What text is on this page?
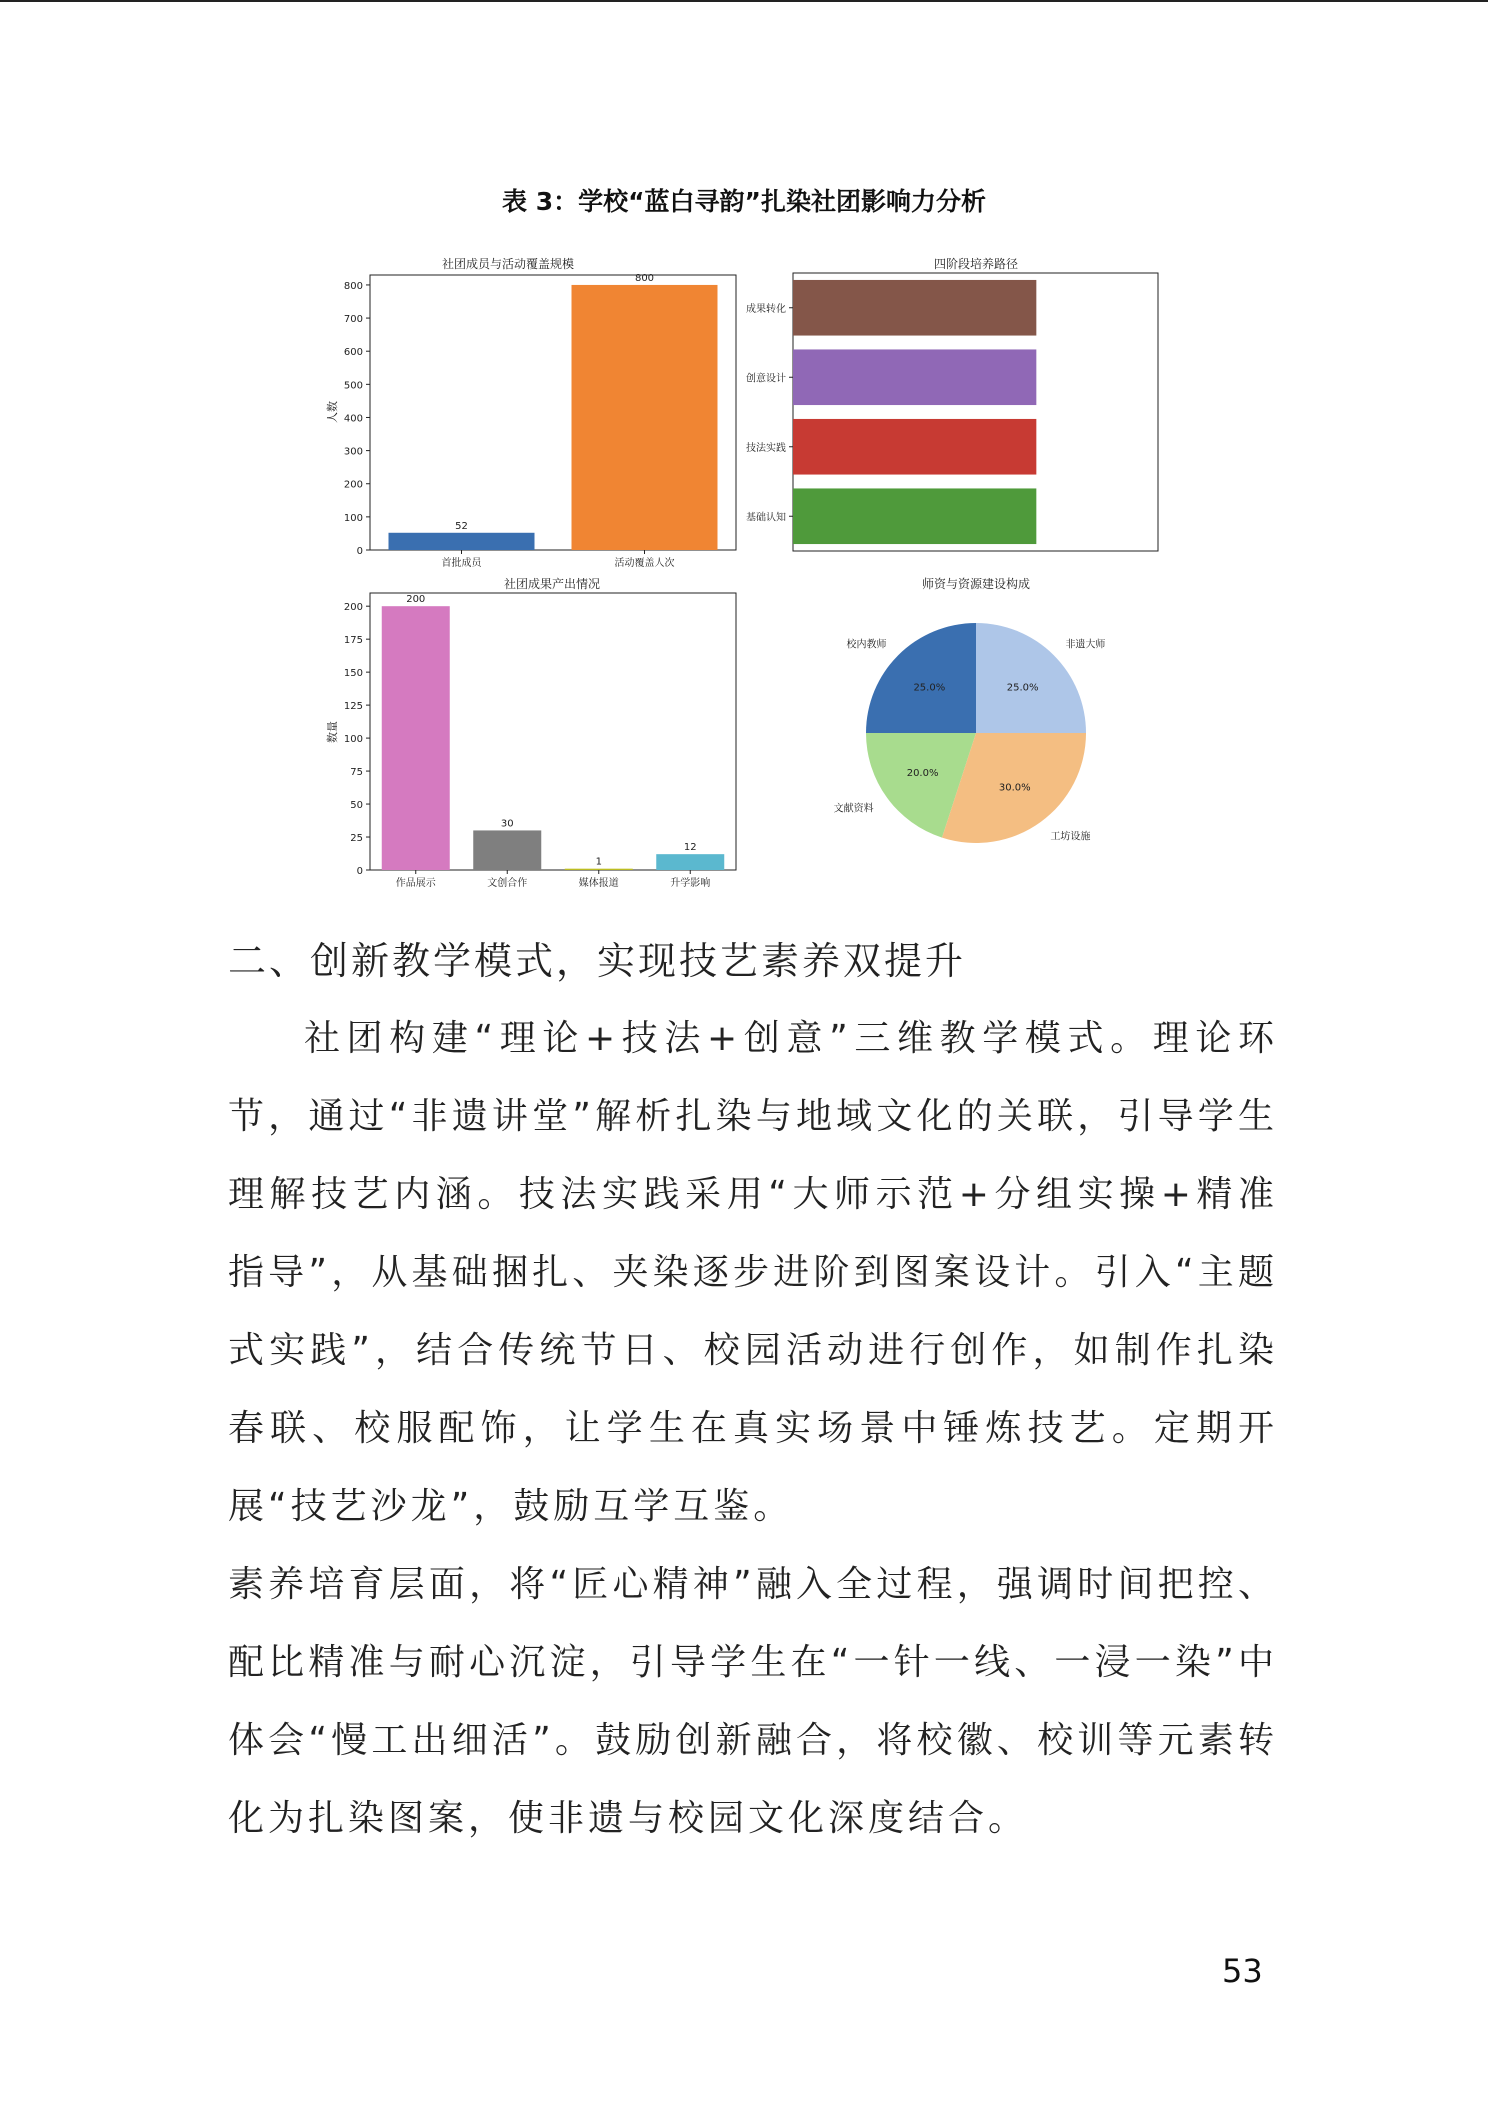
表 3：学校“蓝白寻韵”扎染社团影响力分析
社团成员与活动覆盖规模
人数
0
100
200
300
400
500
600
700
800
52
首批成员
800
活动覆盖人次
四阶段培养路径
基础认知
技法实践
创意设计
成果转化
社团成果产出情况
数量
0
25
50
75
100
125
150
175
200
200
作品展示
30
文创合作
1
媒体报道
12
升学影响
师资与资源建设构成
25.0%
校内教师
20.0%
文献资料
30.0%
工坊设施
25.0%
非遗大师
二、创新教学模式，实现技艺素养双提升

社团构建“理论+技法+创意”三维教学模式。理论环节，通过“非遗讲堂”解析扎染与地域文化的关联，引导学生理解技艺内涵。技法实践采用“大师示范+分组实操+精准指导”，从基础捆扎、夹染逐步进阶到图案设计。引入“主题式实践”，结合传统节日、校园活动进行创作，如制作扎染春联、校服配饰，让学生在真实场景中锤炼技艺。定期开展“技艺沙龙”，鼓励互学互鉴。

素养培育层面，将“匠心精神”融入全过程，强调时间把控、配比精准与耐心沉淀，引导学生在“一针一线、一浸一染”中体会“慢工出细活”。鼓励创新融合，将校徽、校训等元素转化为扎染图案，使非遗与校园文化深度结合。

53
